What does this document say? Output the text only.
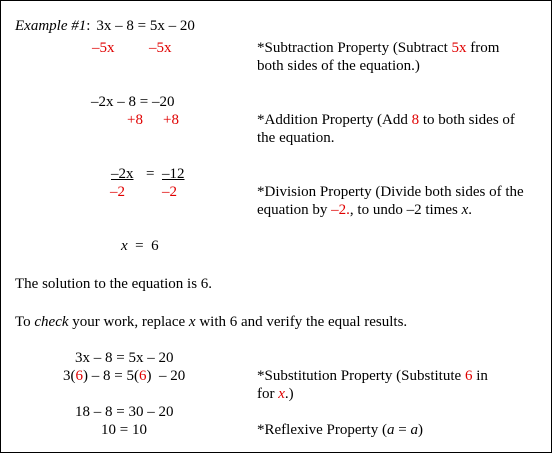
Example #1: 3x – 8 = 5x – 20
–5x –5x	*Subtraction Property (Subtract 5x from
both sides of the equation.)
–2x – 8 = –20
+8 +8	*Addition Property (Add 8 to both sides of
the equation.
–2x = –12
–2 –2	*Division Property (Divide both sides of the
equation by –2., to undo –2 times x.
x  =  6
The solution to the equation is 6.
To check your work, replace x with 6 and verify the equal results.
3x – 8 = 5x – 20
3(6) – 8 = 5(6)  – 20	*Substitution Property (Substitute 6 in
for x.)
18 – 8 = 30 – 20
10 = 10	*Reflexive Property (a = a)
